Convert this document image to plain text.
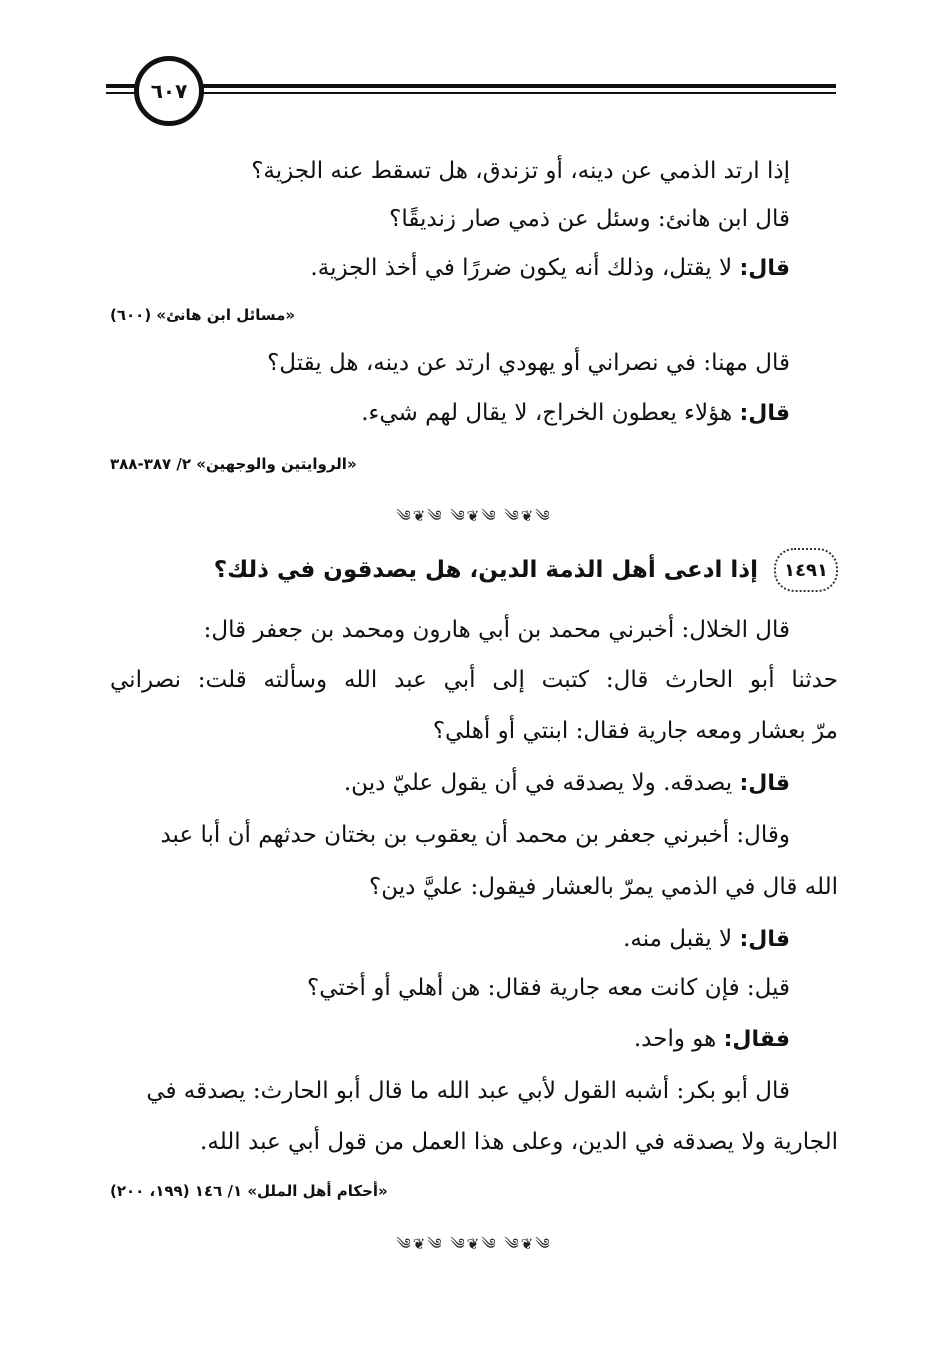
٦٠٧
إذا ارتد الذمي عن دينه، أو تزندق، هل تسقط عنه الجزية؟
قال ابن هانئ: وسئل عن ذمي صار زنديقًا؟
قال: لا يقتل، وذلك أنه يكون ضررًا في أخذ الجزية.
«مسائل ابن هانئ» (٦٠٠)
قال مهنا: في نصراني أو يهودي ارتد عن دينه، هل يقتل؟
قال: هؤلاء يعطون الخراج، لا يقال لهم شيء.
«الروايتين والوجهين» ٢/ ٣٨٧-٣٨٨
༄❦༄ ༄❦༄ ༄❦༄
١٤٩١
إذا ادعى أهل الذمة الدين، هل يصدقون في ذلك؟
قال الخلال: أخبرني محمد بن أبي هارون ومحمد بن جعفر قال:
حدثنا أبو الحارث قال: كتبت إلى أبي عبد الله وسألته قلت: نصراني
مرّ بعشار ومعه جارية فقال: ابنتي أو أهلي؟
قال: يصدقه. ولا يصدقه في أن يقول عليّ دين.
وقال: أخبرني جعفر بن محمد أن يعقوب بن بختان حدثهم أن أبا عبد
الله قال في الذمي يمرّ بالعشار فيقول: عليَّ دين؟
قال: لا يقبل منه.
قيل: فإن كانت معه جارية فقال: هن أهلي أو أختي؟
فقال: هو واحد.
قال أبو بكر: أشبه القول لأبي عبد الله ما قال أبو الحارث: يصدقه في
الجارية ولا يصدقه في الدين، وعلى هذا العمل من قول أبي عبد الله.
«أحكام أهل الملل» ١/ ١٤٦ (١٩٩، ٢٠٠)
༄❦༄ ༄❦༄ ༄❦༄
